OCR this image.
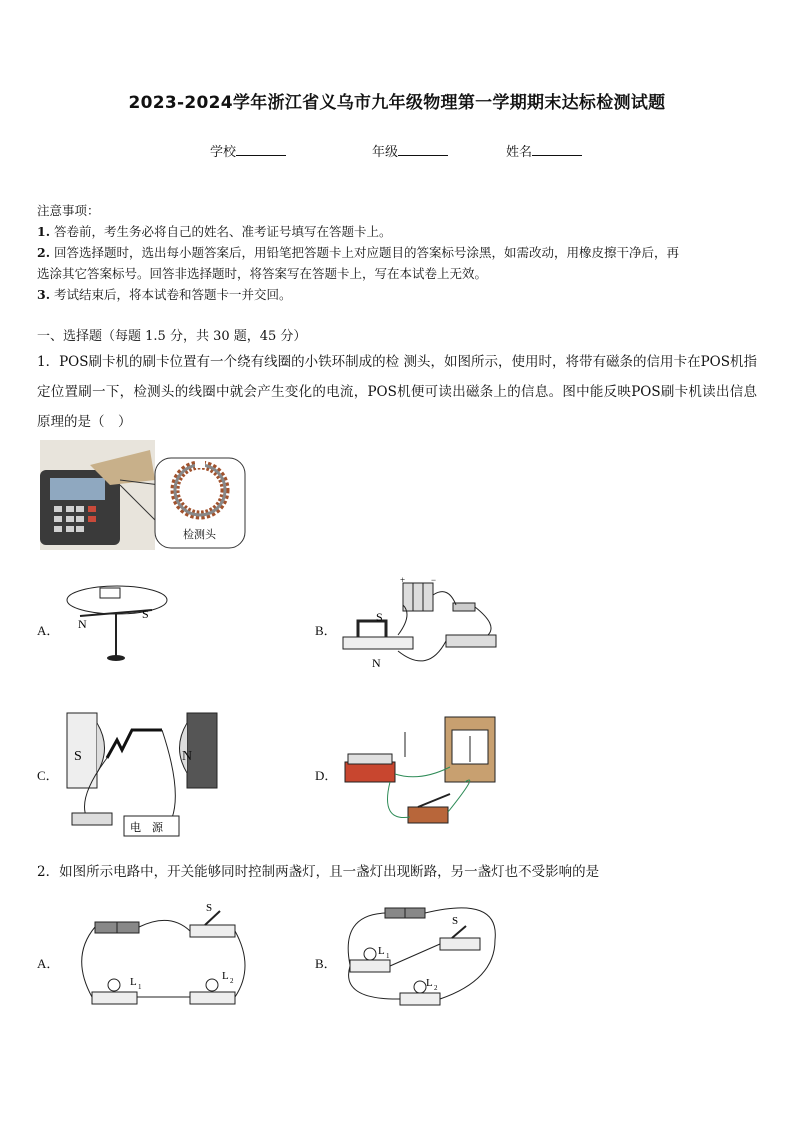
2023-2024学年浙江省义乌市九年级物理第一学期期末达标检测试题
学校	年级	姓名
注意事项：
1. 答卷前，考生务必将自己的姓名、准考证号填写在答题卡上。
2. 回答选择题时，选出每小题答案后，用铅笔把答题卡上对应题目的答案标号涂黑，如需改动，用橡皮擦干净后，再
选涂其它答案标号。回答非选择题时，将答案写在答题卡上，写在本试卷上无效。
3. 考试结束后，将本试卷和答题卡一并交回。
一、选择题（每题 1.5 分，共 30 题，45 分）
1．POS刷卡机的刷卡位置有一个绕有线圈的小铁环制成的检 测头，如图所示，使用时，将带有磁条的信用卡在POS机指定位置刷一下，检测头的线圈中就会产生变化的电流，POS机便可读出磁条上的信息。图中能反映POS刷卡机读出信息原理的是（　）
检测头
A． N
S
B．
+	−
S
N
C．
S	N
电　源
D．
2．如图所示电路中，开关能够同时控制两盏灯，且一盏灯出现断路，另一盏灯也不受影响的是
A．
S
L 1
L 2
B．
S
L 1
L 2
